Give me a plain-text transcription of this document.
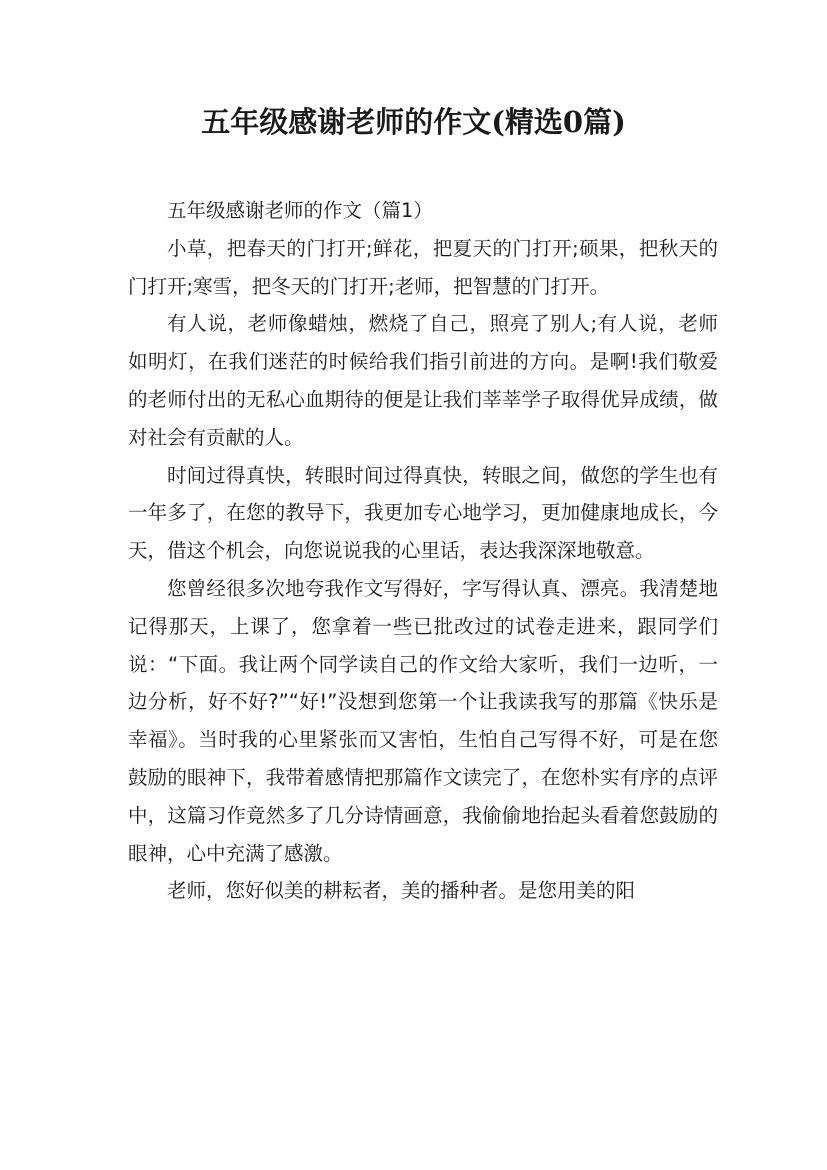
五年级感谢老师的作文(精选0篇)

五年级感谢老师的作文（篇1）

小草，把春天的门打开;鲜花，把夏天的门打开;硕果，把秋天的门打开;寒雪，把冬天的门打开;老师，把智慧的门打开。

有人说，老师像蜡烛，燃烧了自己，照亮了别人;有人说，老师如明灯，在我们迷茫的时候给我们指引前进的方向。是啊!我们敬爱的老师付出的无私心血期待的便是让我们莘莘学子取得优异成绩，做对社会有贡献的人。

时间过得真快，转眼时间过得真快，转眼之间，做您的学生也有一年多了，在您的教导下，我更加专心地学习，更加健康地成长，今天，借这个机会，向您说说我的心里话，表达我深深地敬意。

您曾经很多次地夸我作文写得好，字写得认真、漂亮。我清楚地记得那天，上课了，您拿着一些已批改过的试卷走进来，跟同学们说：“下面。我让两个同学读自己的作文给大家听，我们一边听，一边分析，好不好?”“好!”没想到您第一个让我读我写的那篇《快乐是幸福》。当时我的心里紧张而又害怕，生怕自己写得不好，可是在您鼓励的眼神下，我带着感情把那篇作文读完了，在您朴实有序的点评中，这篇习作竟然多了几分诗情画意，我偷偷地抬起头看着您鼓励的眼神，心中充满了感激。

老师，您好似美的耕耘者，美的播种者。是您用美的阳
